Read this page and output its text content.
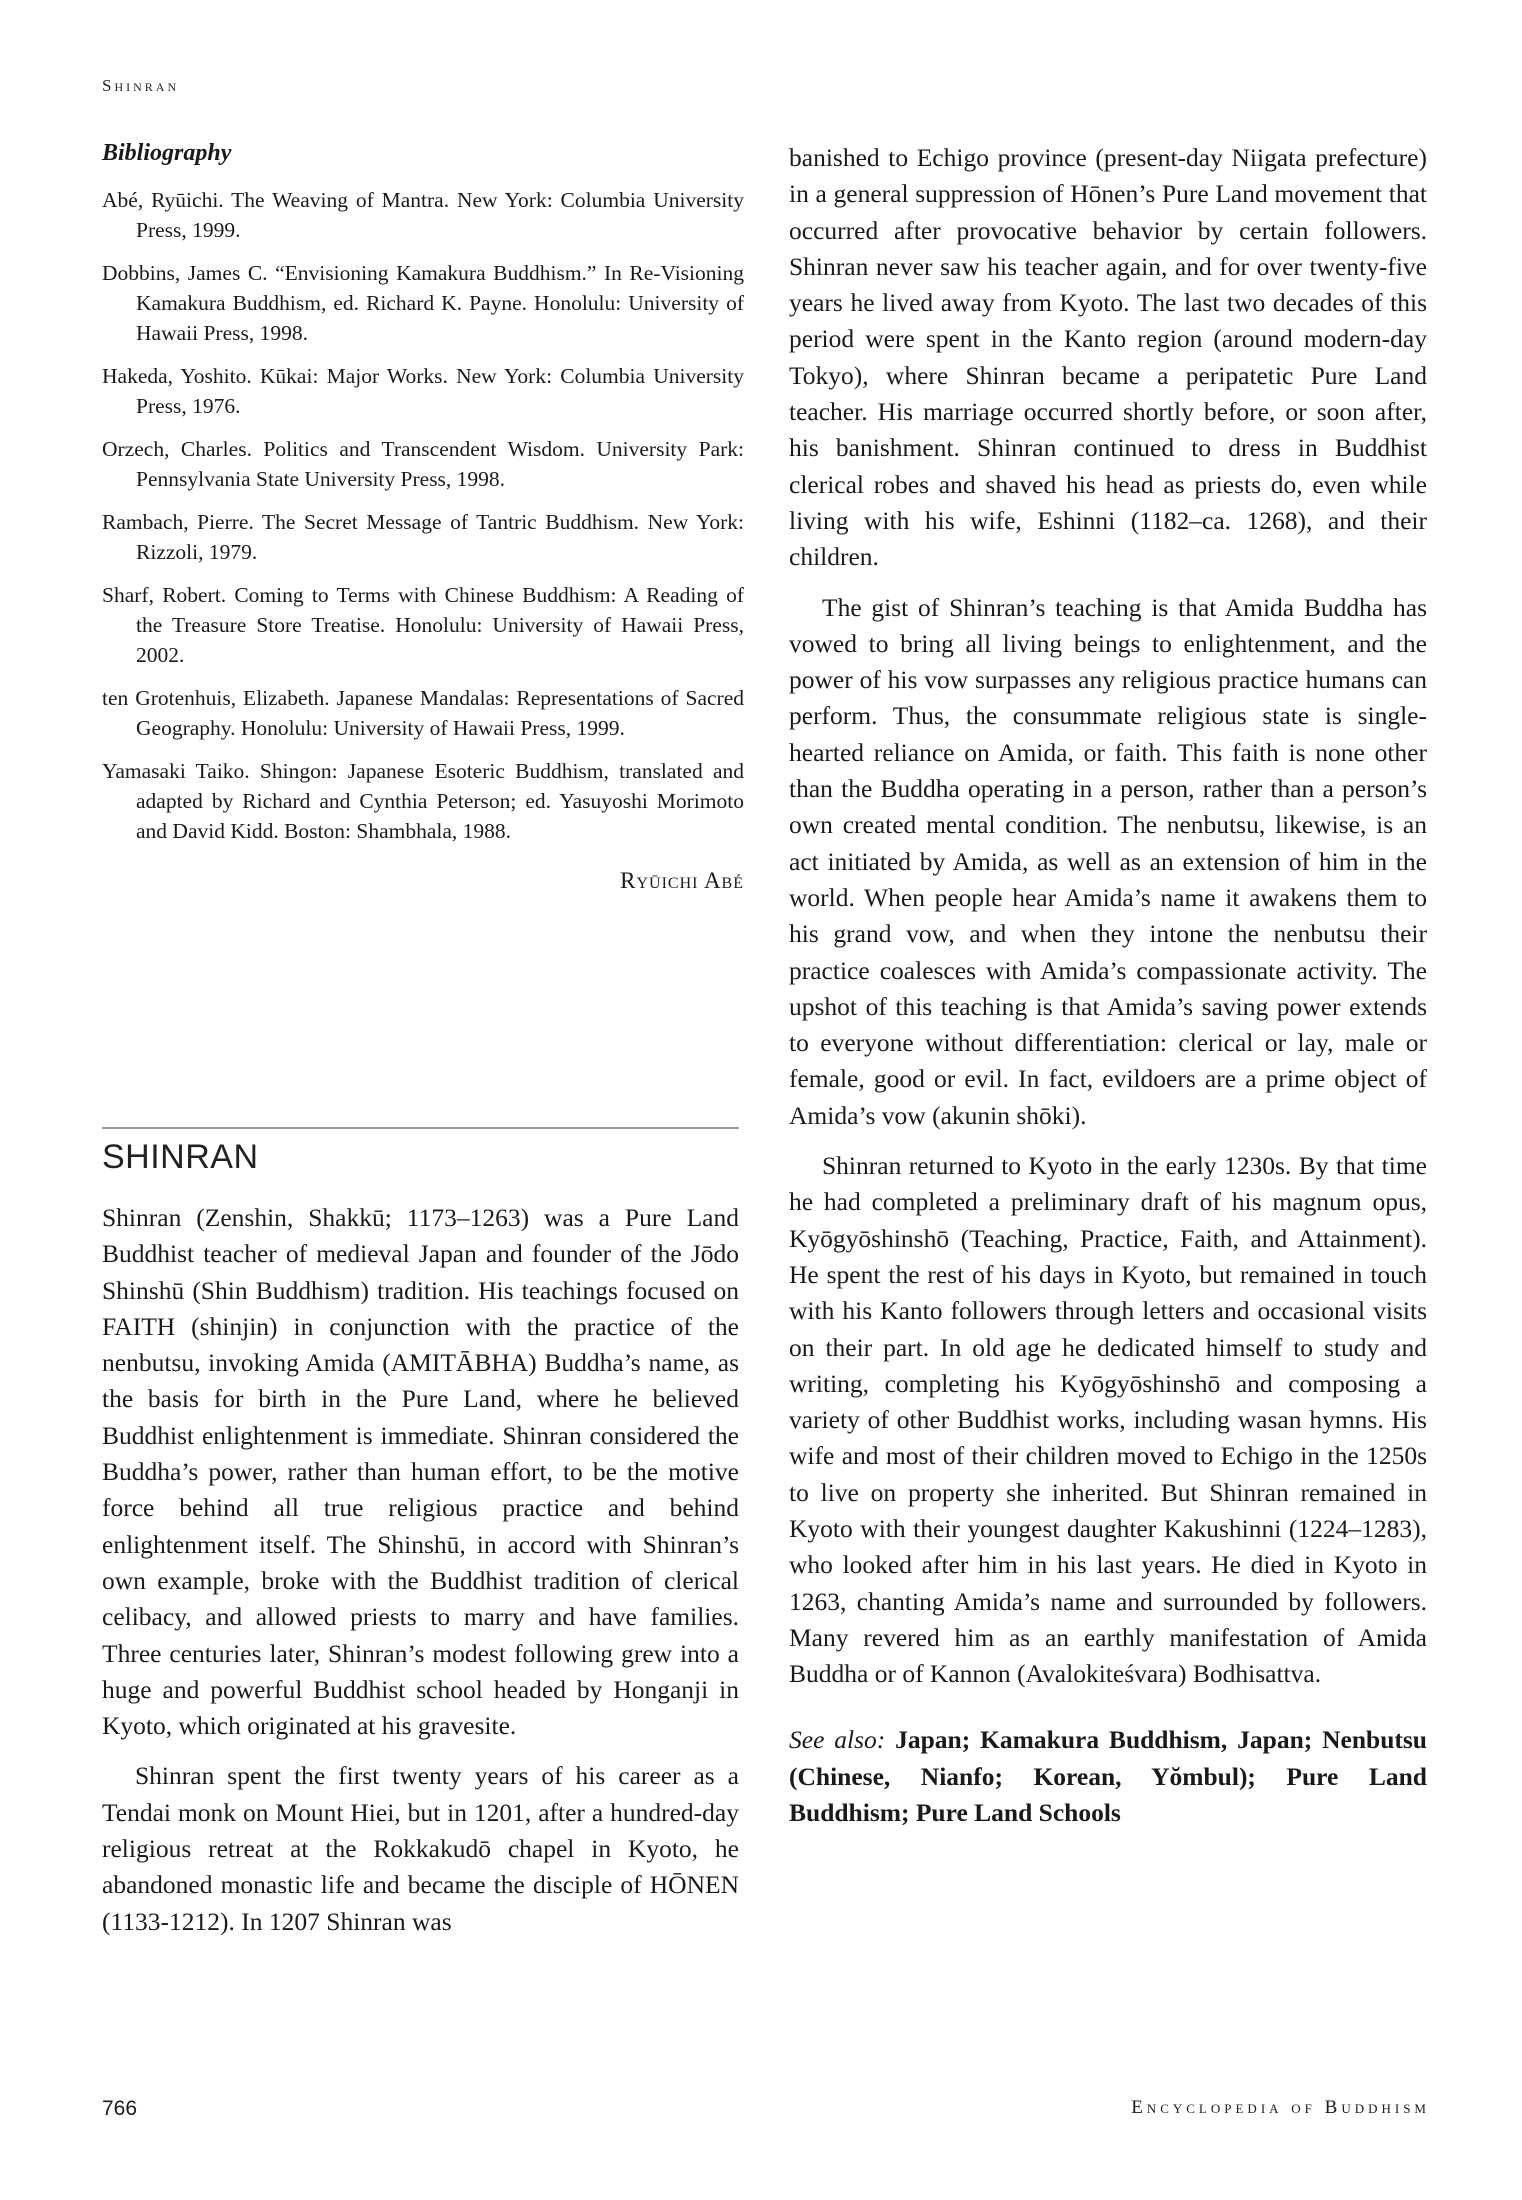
Shinran
Bibliography
Abé, Ryūichi. The Weaving of Mantra. New York: Columbia University Press, 1999.
Dobbins, James C. “Envisioning Kamakura Buddhism.” In Re-Visioning Kamakura Buddhism, ed. Richard K. Payne. Honolulu: University of Hawaii Press, 1998.
Hakeda, Yoshito. Kūkai: Major Works. New York: Columbia University Press, 1976.
Orzech, Charles. Politics and Transcendent Wisdom. University Park: Pennsylvania State University Press, 1998.
Rambach, Pierre. The Secret Message of Tantric Buddhism. New York: Rizzoli, 1979.
Sharf, Robert. Coming to Terms with Chinese Buddhism: A Reading of the Treasure Store Treatise. Honolulu: University of Hawaii Press, 2002.
ten Grotenhuis, Elizabeth. Japanese Mandalas: Representations of Sacred Geography. Honolulu: University of Hawaii Press, 1999.
Yamasaki Taiko. Shingon: Japanese Esoteric Buddhism, translated and adapted by Richard and Cynthia Peterson; ed. Yasuyoshi Morimoto and David Kidd. Boston: Shambhala, 1988.
Ryūichi Abé
SHINRAN

Shinran (Zenshin, Shakkū; 1173–1263) was a Pure Land Buddhist teacher of medieval Japan and founder of the Jōdo Shinshū (Shin Buddhism) tradition. His teachings focused on FAITH (shinjin) in conjunction with the practice of the nenbutsu, invoking Amida (AMITĀBHA) Buddha’s name, as the basis for birth in the Pure Land, where he believed Buddhist enlightenment is immediate. Shinran considered the Buddha’s power, rather than human effort, to be the motive force behind all true religious practice and behind enlightenment itself. The Shinshū, in accord with Shinran’s own example, broke with the Buddhist tradition of clerical celibacy, and allowed priests to marry and have families. Three centuries later, Shinran’s modest following grew into a huge and powerful Buddhist school headed by Honganji in Kyoto, which originated at his gravesite.

Shinran spent the first twenty years of his career as a Tendai monk on Mount Hiei, but in 1201, after a hundred-day religious retreat at the Rokkakudō chapel in Kyoto, he abandoned monastic life and became the disciple of HŌNEN (1133-1212). In 1207 Shinran was

banished to Echigo province (present-day Niigata prefecture) in a general suppression of Hōnen’s Pure Land movement that occurred after provocative behavior by certain followers. Shinran never saw his teacher again, and for over twenty-five years he lived away from Kyoto. The last two decades of this period were spent in the Kanto region (around modern-day Tokyo), where Shinran became a peripatetic Pure Land teacher. His marriage occurred shortly before, or soon after, his banishment. Shinran continued to dress in Buddhist clerical robes and shaved his head as priests do, even while living with his wife, Eshinni (1182–ca. 1268), and their children.

The gist of Shinran’s teaching is that Amida Buddha has vowed to bring all living beings to enlightenment, and the power of his vow surpasses any religious practice humans can perform. Thus, the consummate religious state is single-hearted reliance on Amida, or faith. This faith is none other than the Buddha operating in a person, rather than a person’s own created mental condition. The nenbutsu, likewise, is an act initiated by Amida, as well as an extension of him in the world. When people hear Amida’s name it awakens them to his grand vow, and when they intone the nenbutsu their practice coalesces with Amida’s compassionate activity. The upshot of this teaching is that Amida’s saving power extends to everyone without differentiation: clerical or lay, male or female, good or evil. In fact, evildoers are a prime object of Amida’s vow (akunin shōki).

Shinran returned to Kyoto in the early 1230s. By that time he had completed a preliminary draft of his magnum opus, Kyōgyōshinshō (Teaching, Practice, Faith, and Attainment). He spent the rest of his days in Kyoto, but remained in touch with his Kanto followers through letters and occasional visits on their part. In old age he dedicated himself to study and writing, completing his Kyōgyōshinshō and composing a variety of other Buddhist works, including wasan hymns. His wife and most of their children moved to Echigo in the 1250s to live on property she inherited. But Shinran remained in Kyoto with their youngest daughter Kakushinni (1224–1283), who looked after him in his last years. He died in Kyoto in 1263, chanting Amida’s name and surrounded by followers. Many revered him as an earthly manifestation of Amida Buddha or of Kannon (Avalokiteśvara) Bodhisattva.

See also: Japan; Kamakura Buddhism, Japan; Nenbutsu (Chinese, Nianfo; Korean, Yŏmbul); Pure Land Buddhism; Pure Land Schools
766	Encyclopedia of Buddhism
